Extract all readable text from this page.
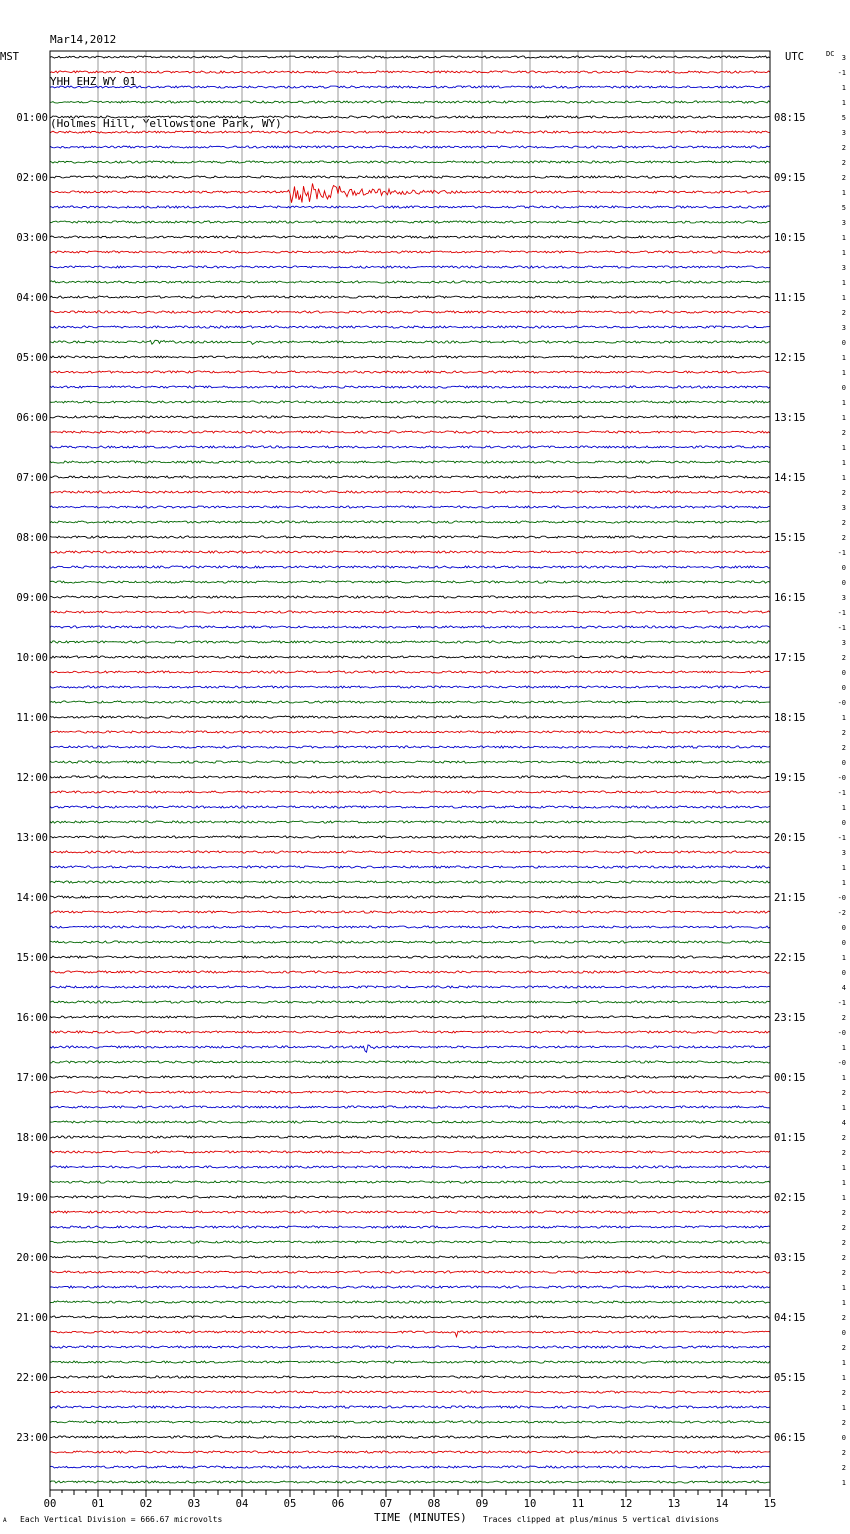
Mar14,2012

YHH EHZ WY 01

(Holmes Hill, Yellowstone Park, WY)

MST	UTC	DC
01:00
02:00
03:00
04:00
05:00
06:00
07:00
08:00
09:00
10:00
11:00
12:00
13:00
14:00
15:00
16:00
17:00
18:00
19:00
20:00
21:00
22:00
23:00
08:15
09:15
10:15
11:15
12:15
13:15
14:15
15:15
16:15
17:15
18:15
19:15
20:15
21:15
22:15
23:15
00:15
01:15
02:15
03:15
04:15
05:15
06:15
3
-1
1
1
5
3
2
2
2
1
5
3
1
1
3
1
1
2
3
0
1
1
0
1
1
2
1
1
1
2
3
2
2
-1
0
0
3
-1
-1
3
2
0
0
-0
1
2
2
0
-0
-1
1
0
-1
3
1
1
-0
-2
0
0
1
0
4
-1
2
-0
1
-0
1
2
1
4
2
2
1
1
1
2
2
2
2
2
1
1
2
0
2
1
1
2
1
2
0
2
2
1
00	01	02	03	04	05	06	07	08	09	10	11	12	13	14	15
A Each Vertical Division = 666.67 microvolts	TIME (MINUTES) Traces clipped at plus/minus 5 vertical divisions
